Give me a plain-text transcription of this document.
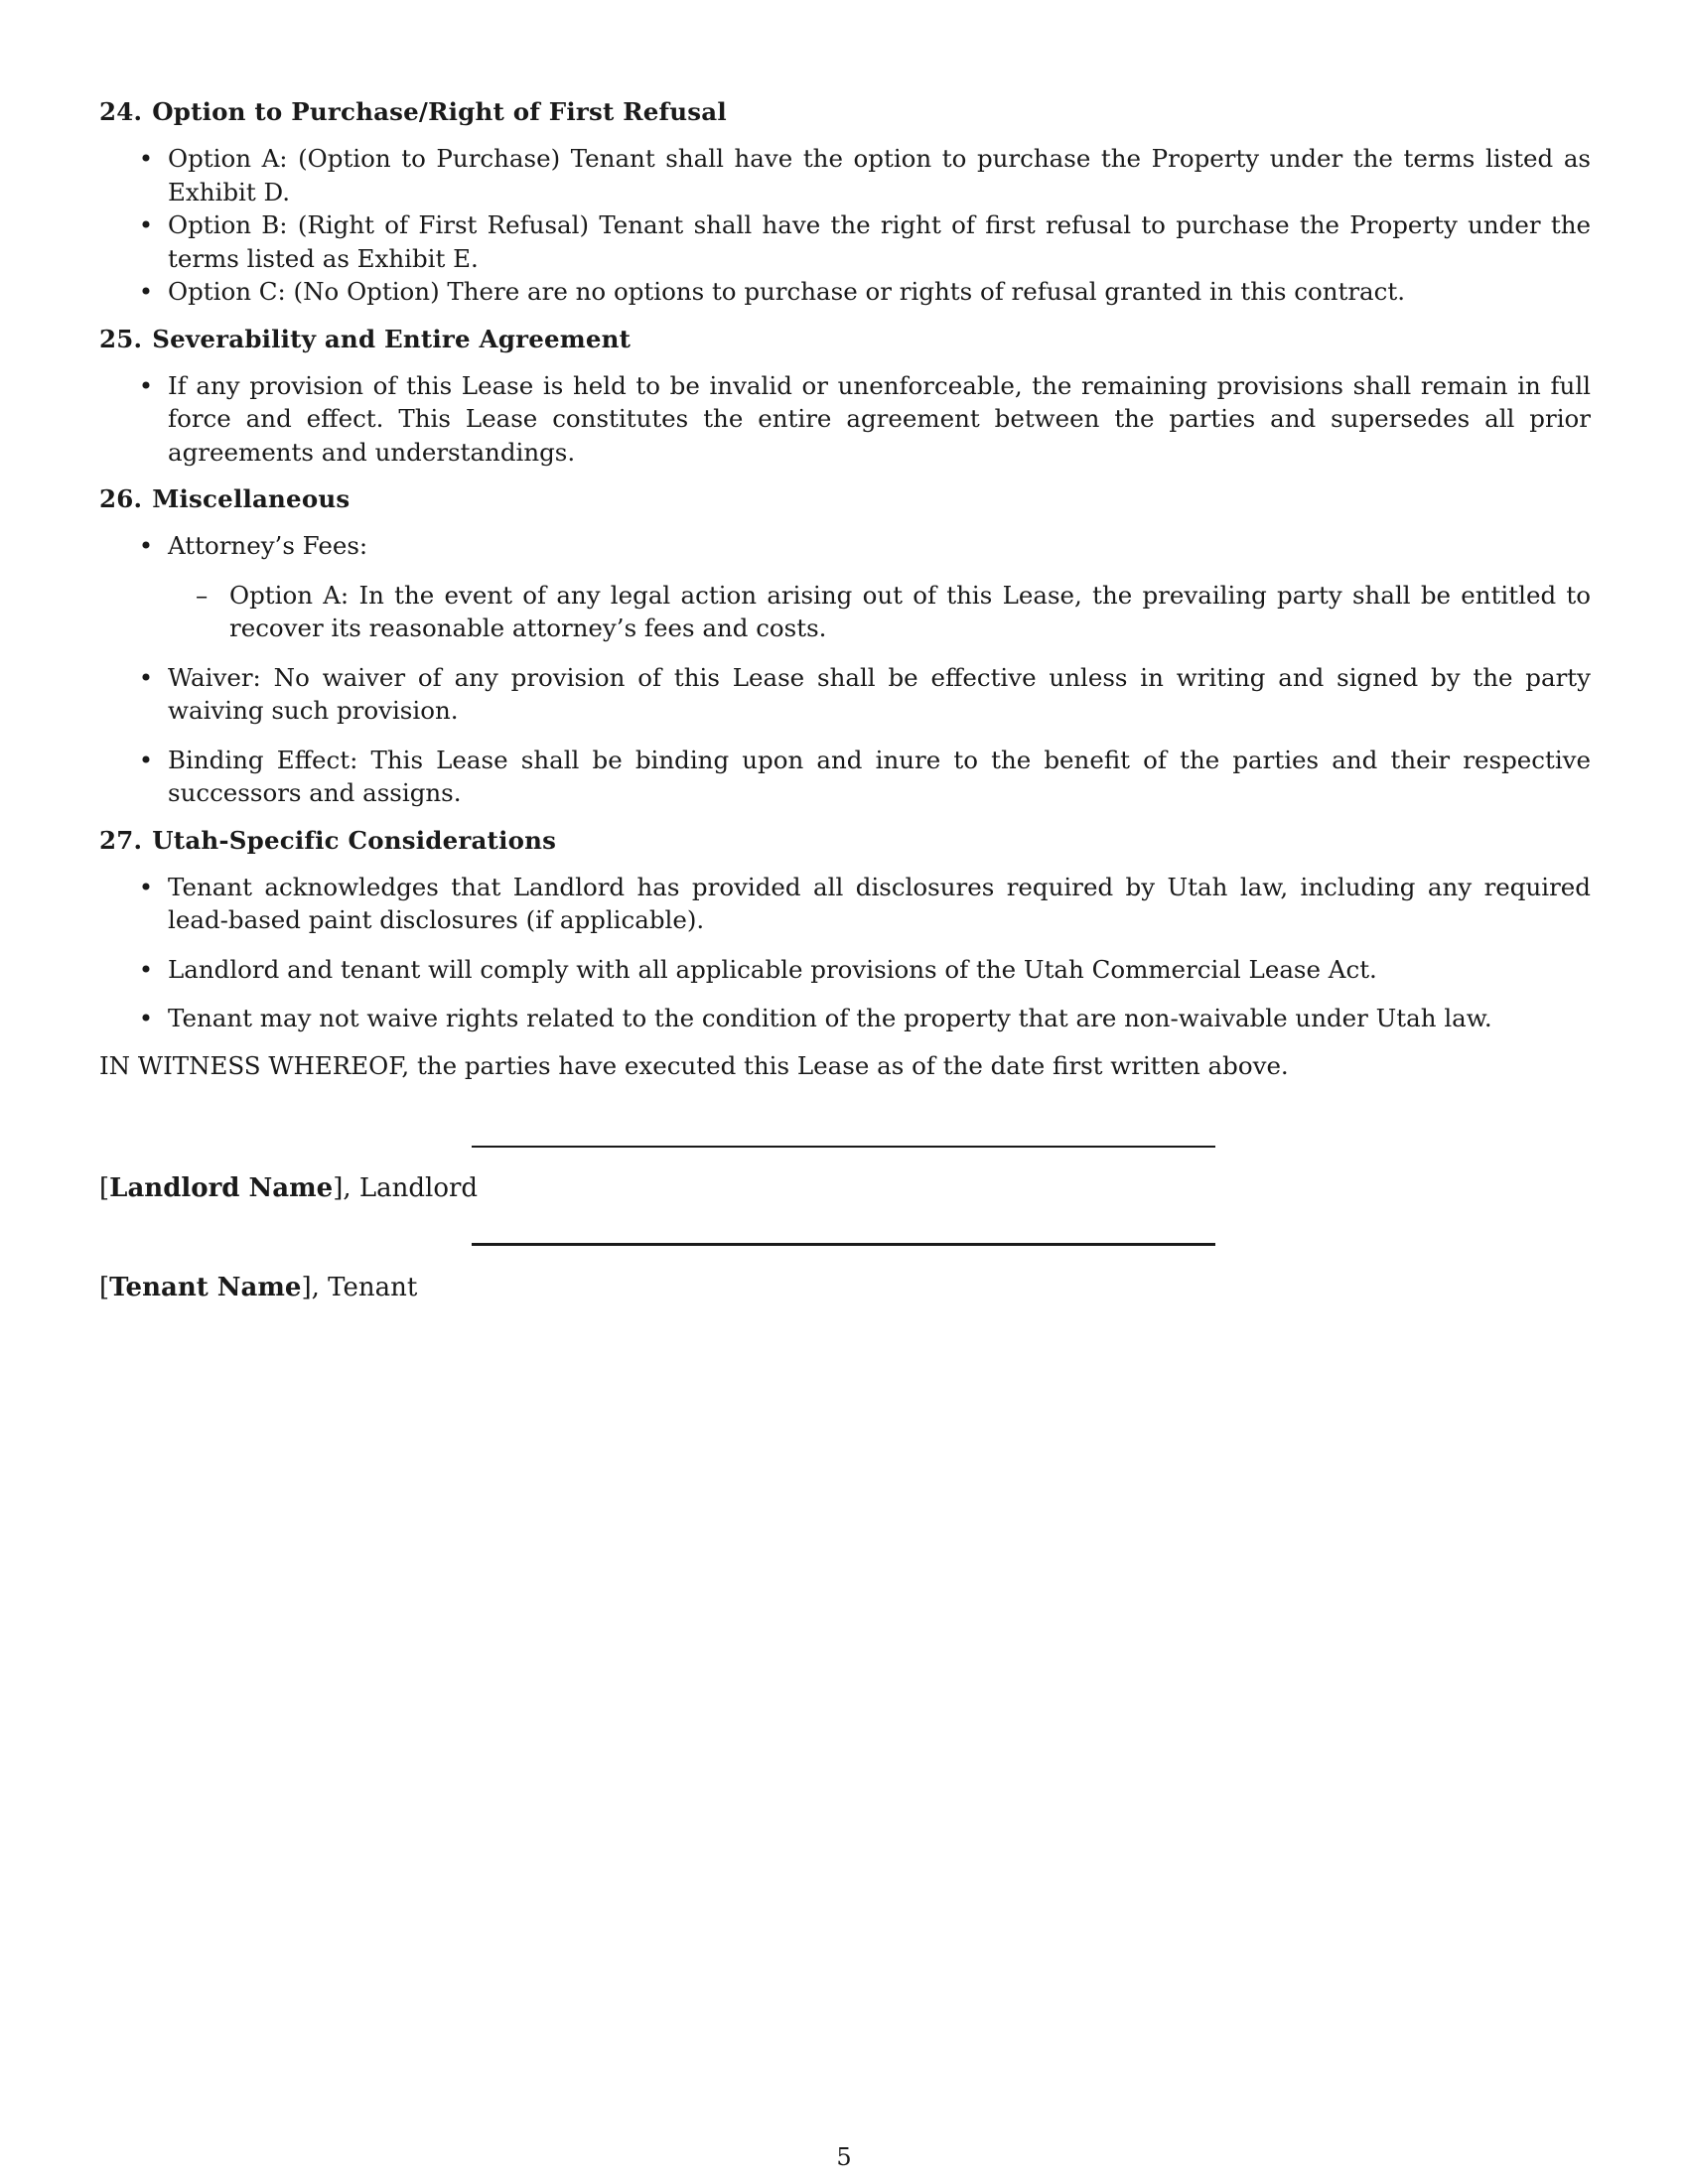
24. Option to Purchase/Right of First Refusal
• Option A: (Option to Purchase) Tenant shall have the option to purchase the Property under the terms listed as Exhibit D.
• Option B: (Right of First Refusal) Tenant shall have the right of first refusal to purchase the Property under the terms listed as Exhibit E.
• Option C: (No Option) There are no options to purchase or rights of refusal granted in this contract.
25. Severability and Entire Agreement
• If any provision of this Lease is held to be invalid or unenforceable, the remaining provisions shall remain in full force and effect. This Lease constitutes the entire agreement between the parties and supersedes all prior agreements and understandings.
26. Miscellaneous
• Attorney’s Fees:
– Option A: In the event of any legal action arising out of this Lease, the prevailing party shall be entitled to recover its reasonable attorney’s fees and costs.
• Waiver: No waiver of any provision of this Lease shall be effective unless in writing and signed by the party waiving such provision.
• Binding Effect: This Lease shall be binding upon and inure to the benefit of the parties and their respective successors and assigns.
27. Utah-Specific Considerations
• Tenant acknowledges that Landlord has provided all disclosures required by Utah law, including any required lead-based paint disclosures (if applicable).
• Landlord and tenant will comply with all applicable provisions of the Utah Commercial Lease Act.
• Tenant may not waive rights related to the condition of the property that are non-waivable under Utah law.

IN WITNESS WHEREOF, the parties have executed this Lease as of the date first written above.

[Landlord Name], Landlord
[Tenant Name], Tenant
5
